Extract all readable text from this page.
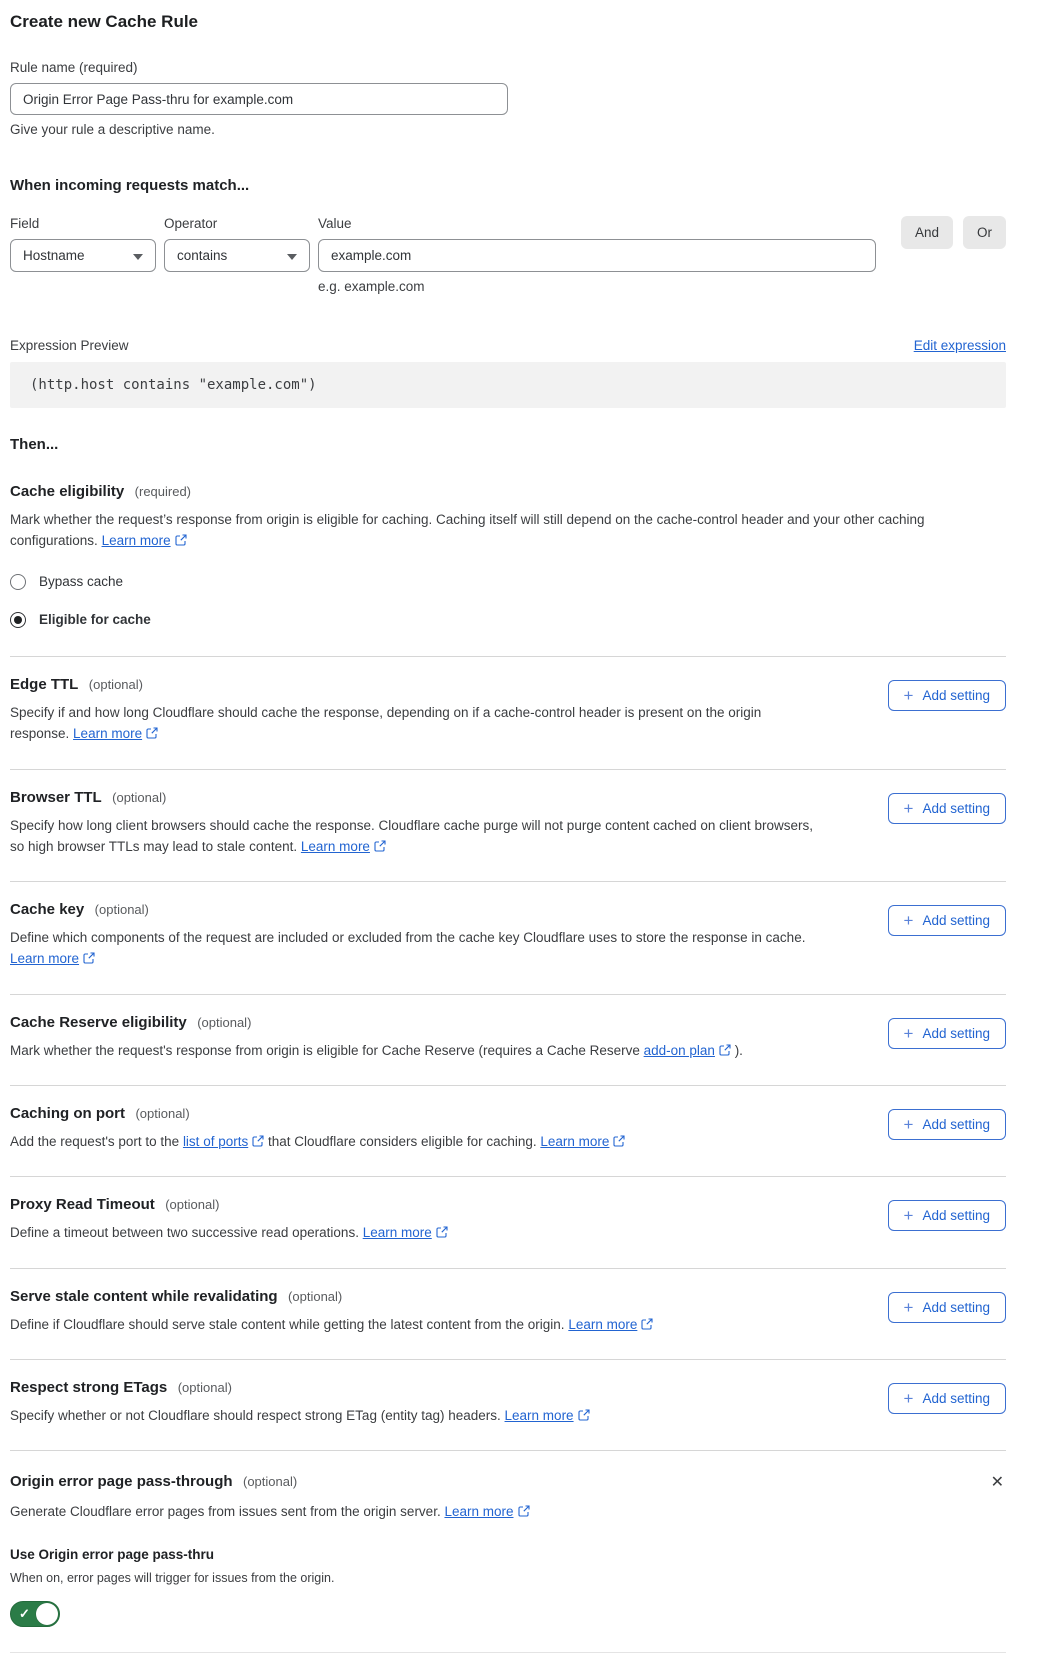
Create new Cache Rule
Rule name (required)
Origin Error Page Pass-thru for example.com
Give your rule a descriptive name.
When incoming requests match...
Field
Hostname
Operator
contains
Value
example.com
e.g. example.com
And	Or
Expression Preview	Edit expression
(http.host contains "example.com")
Then...
Cache eligibility (required)

Mark whether the request’s response from origin is eligible for caching. Caching itself will still depend on the cache-control header and your other caching configurations. Learn more

Bypass cache
Eligible for cache
Edge TTL (optional)

Specify if and how long Cloudflare should cache the response, depending on if a cache-control header is present on the origin response. Learn more

+ Add setting
Browser TTL (optional)

Specify how long client browsers should cache the response. Cloudflare cache purge will not purge content cached on client browsers, so high browser TTLs may lead to stale content. Learn more

+ Add setting
Cache key (optional)

Define which components of the request are included or excluded from the cache key Cloudflare uses to store the response in cache. Learn more

+ Add setting
Cache Reserve eligibility (optional)

Mark whether the request's response from origin is eligible for Cache Reserve (requires a Cache Reserve add-on plan ).

+ Add setting
Caching on port (optional)

Add the request's port to the list of ports that Cloudflare considers eligible for caching. Learn more

+ Add setting
Proxy Read Timeout (optional)

Define a timeout between two successive read operations. Learn more

+ Add setting
Serve stale content while revalidating (optional)

Define if Cloudflare should serve stale content while getting the latest content from the origin. Learn more

+ Add setting
Respect strong ETags (optional)

Specify whether or not Cloudflare should respect strong ETag (entity tag) headers. Learn more

+ Add setting
Origin error page pass-through (optional)	✕

Generate Cloudflare error pages from issues sent from the origin server. Learn more

Use Origin error page pass-thru
When on, error pages will trigger for issues from the origin.
✓
